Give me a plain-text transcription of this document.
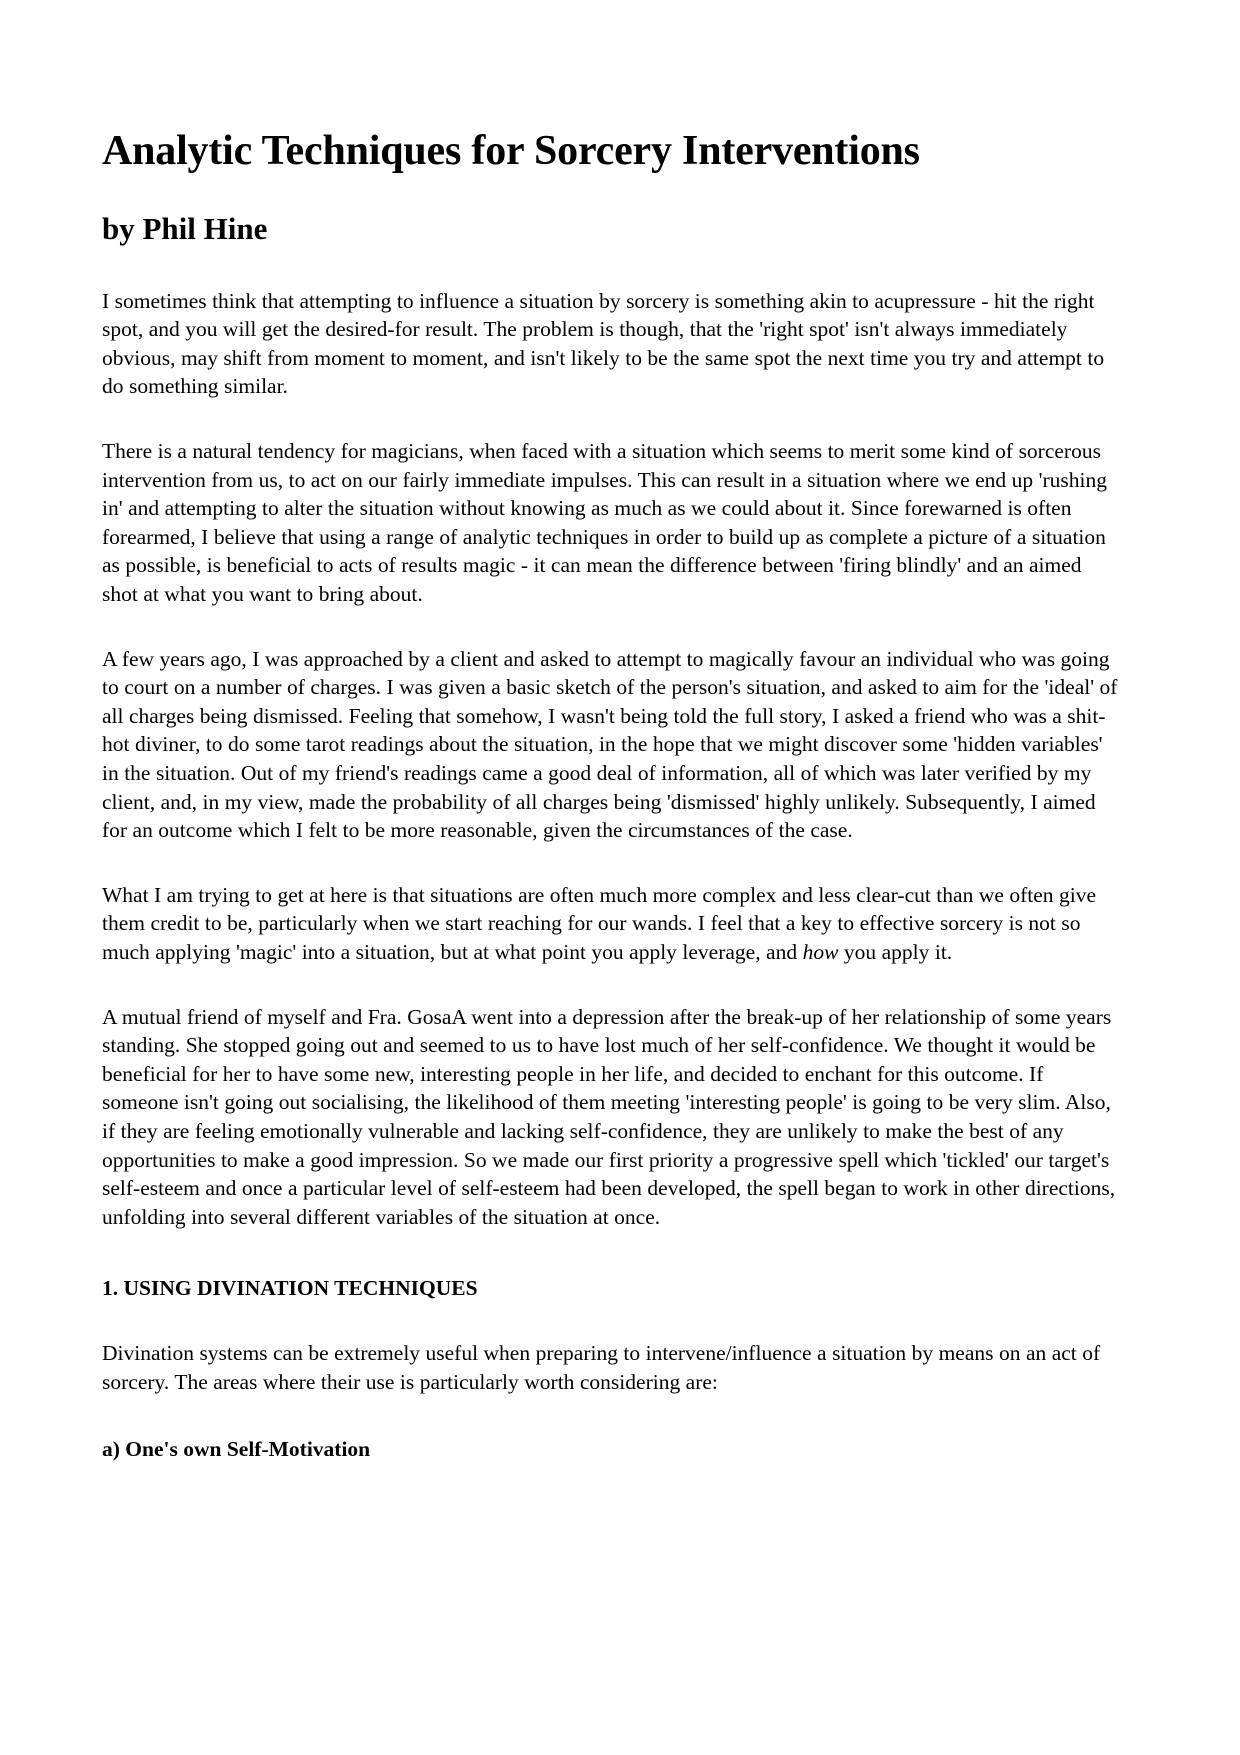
Analytic Techniques for Sorcery Interventions
by Phil Hine

I sometimes think that attempting to influence a situation by sorcery is something akin to acupressure - hit the right spot, and you will get the desired-for result. The problem is though, that the 'right spot' isn't always immediately obvious, may shift from moment to moment, and isn't likely to be the same spot the next time you try and attempt to do something similar.

There is a natural tendency for magicians, when faced with a situation which seems to merit some kind of sorcerous intervention from us, to act on our fairly immediate impulses. This can result in a situation where we end up 'rushing in' and attempting to alter the situation without knowing as much as we could about it. Since forewarned is often forearmed, I believe that using a range of analytic techniques in order to build up as complete a picture of a situation as possible, is beneficial to acts of results magic - it can mean the difference between 'firing blindly' and an aimed shot at what you want to bring about.

A few years ago, I was approached by a client and asked to attempt to magically favour an individual who was going to court on a number of charges. I was given a basic sketch of the person's situation, and asked to aim for the 'ideal' of all charges being dismissed. Feeling that somehow, I wasn't being told the full story, I asked a friend who was a shit-hot diviner, to do some tarot readings about the situation, in the hope that we might discover some 'hidden variables' in the situation. Out of my friend's readings came a good deal of information, all of which was later verified by my client, and, in my view, made the probability of all charges being 'dismissed' highly unlikely. Subsequently, I aimed for an outcome which I felt to be more reasonable, given the circumstances of the case.

What I am trying to get at here is that situations are often much more complex and less clear-cut than we often give them credit to be, particularly when we start reaching for our wands. I feel that a key to effective sorcery is not so much applying 'magic' into a situation, but at what point you apply leverage, and how you apply it.

A mutual friend of myself and Fra. GosaA went into a depression after the break-up of her relationship of some years standing. She stopped going out and seemed to us to have lost much of her self-confidence. We thought it would be beneficial for her to have some new, interesting people in her life, and decided to enchant for this outcome. If someone isn't going out socialising, the likelihood of them meeting 'interesting people' is going to be very slim. Also, if they are feeling emotionally vulnerable and lacking self-confidence, they are unlikely to make the best of any opportunities to make a good impression. So we made our first priority a progressive spell which 'tickled' our target's self-esteem and once a particular level of self-esteem had been developed, the spell began to work in other directions, unfolding into several different variables of the situation at once.

1. USING DIVINATION TECHNIQUES

Divination systems can be extremely useful when preparing to intervene/influence a situation by means on an act of sorcery. The areas where their use is particularly worth considering are:

a) One's own Self-Motivation
